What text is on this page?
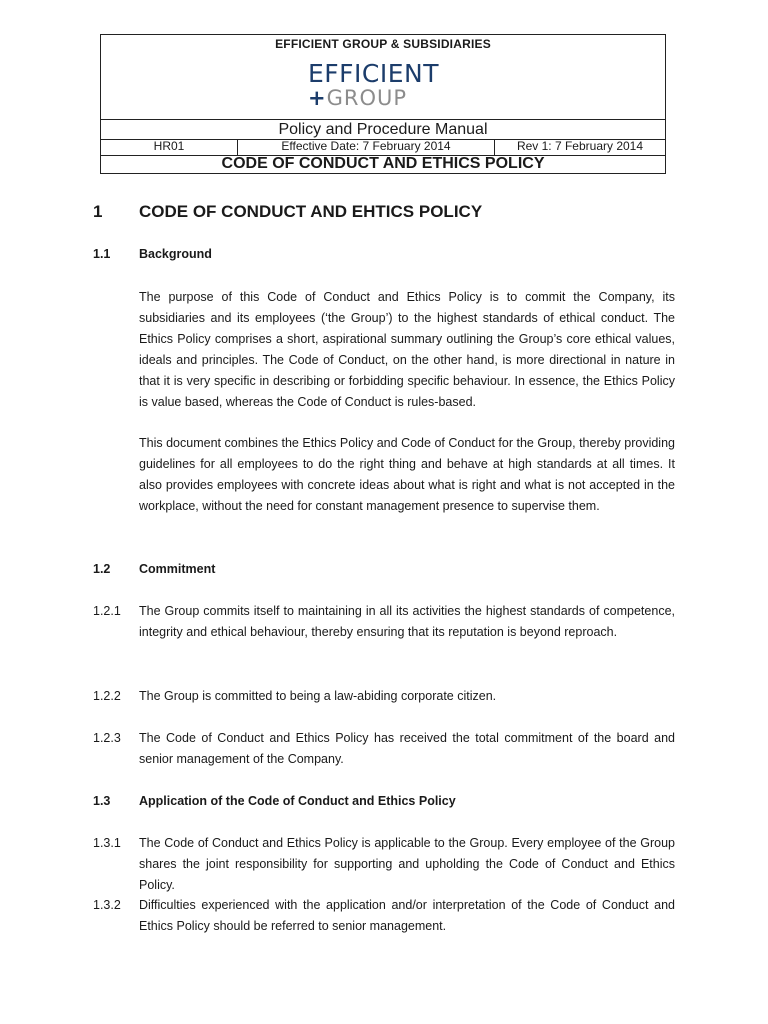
EFFICIENT GROUP & SUBSIDIARIES
EFFICIENT
+GROUP
Policy and Procedure Manual
HR01	Effective Date: 7 February 2014	Rev 1: 7 February 2014
CODE OF CONDUCT AND ETHICS POLICY
1 CODE OF CONDUCT AND EHTICS POLICY
1.1 Background
The purpose of this Code of Conduct and Ethics Policy is to commit the Company, its subsidiaries and its employees (‘the Group’) to the highest standards of ethical conduct. The Ethics Policy comprises a short, aspirational summary outlining the Group’s core ethical values, ideals and principles. The Code of Conduct, on the other hand, is more directional in nature in that it is very specific in describing or forbidding specific behaviour. In essence, the Ethics Policy is value based, whereas the Code of Conduct is rules-based.
This document combines the Ethics Policy and Code of Conduct for the Group, thereby providing guidelines for all employees to do the right thing and behave at high standards at all times. It also provides employees with concrete ideas about what is right and what is not accepted in the workplace, without the need for constant management presence to supervise them.
1.2 Commitment
1.2.1 The Group commits itself to maintaining in all its activities the highest standards of competence, integrity and ethical behaviour, thereby ensuring that its reputation is beyond reproach.
1.2.2 The Group is committed to being a law-abiding corporate citizen.
1.2.3 The Code of Conduct and Ethics Policy has received the total commitment of the board and senior management of the Company.
1.3 Application of the Code of Conduct and Ethics Policy
1.3.1 The Code of Conduct and Ethics Policy is applicable to the Group. Every employee of the Group shares the joint responsibility for supporting and upholding the Code of Conduct and Ethics Policy.
1.3.2 Difficulties experienced with the application and/or interpretation of the Code of Conduct and Ethics Policy should be referred to senior management.
